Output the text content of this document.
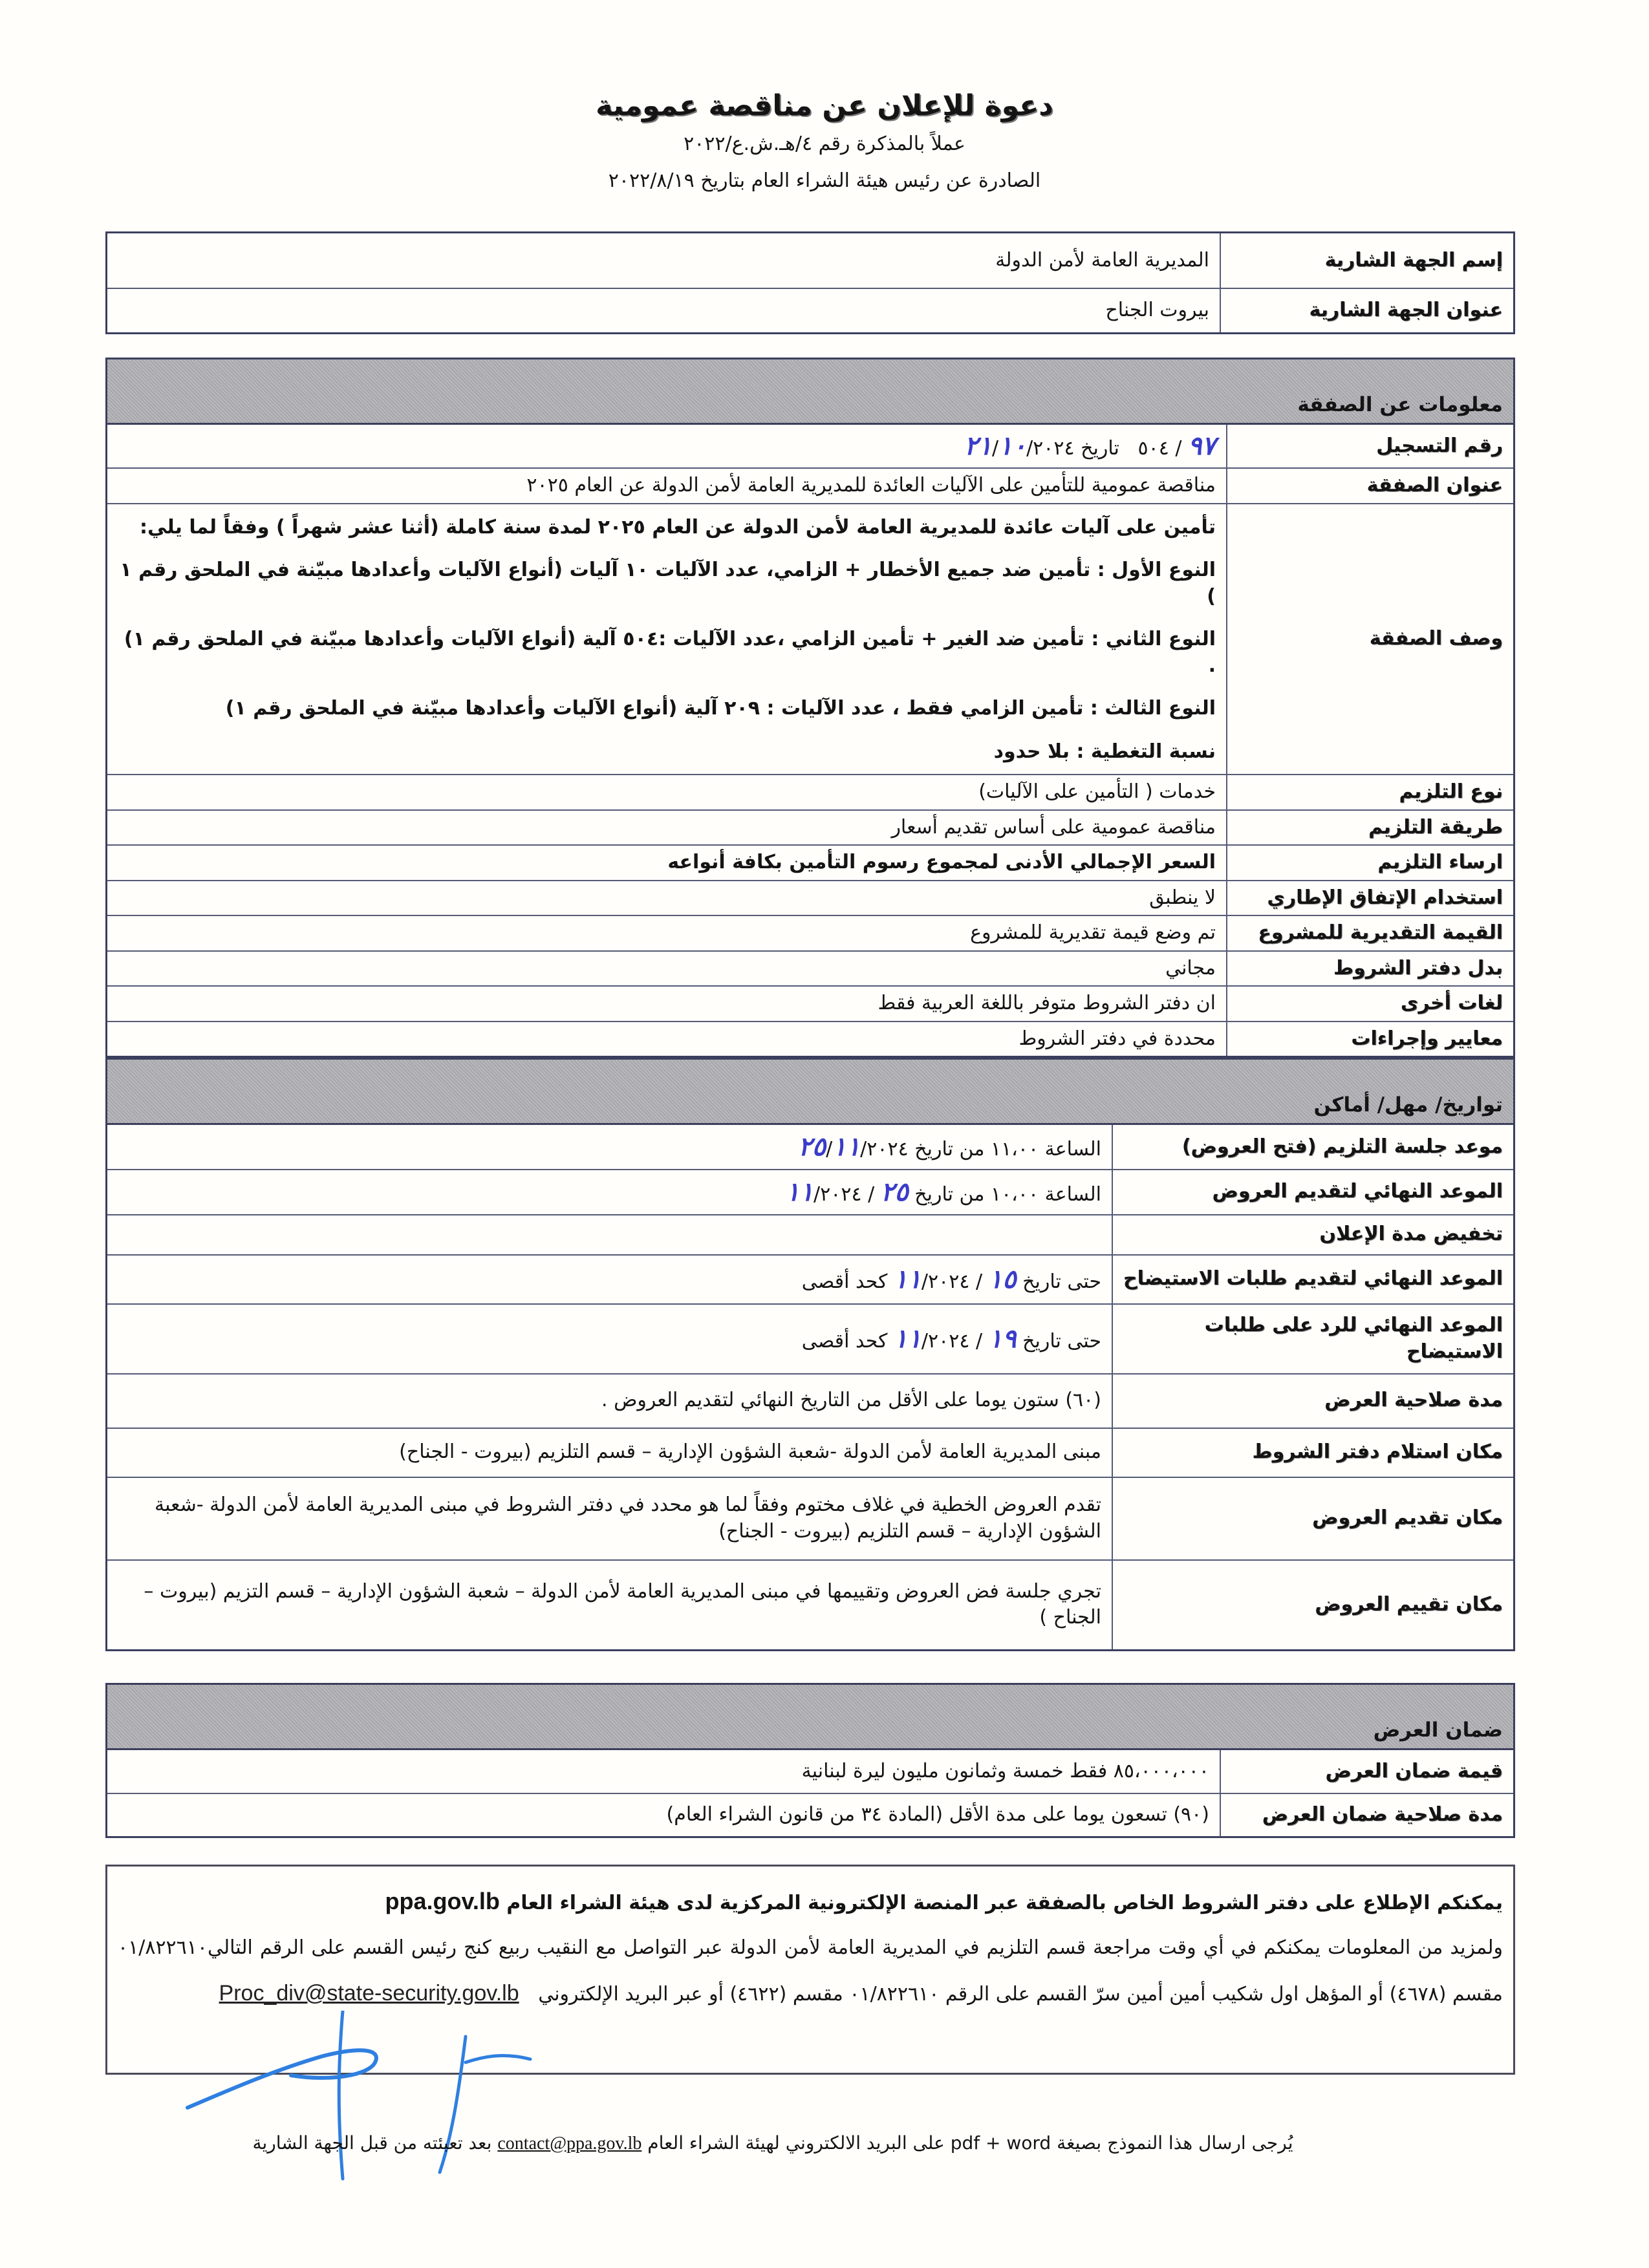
دعوة للإعلان عن مناقصة عمومية
عملاً بالمذكرة رقم ٤/هـ.ش.ع/٢٠٢٢
الصادرة عن رئيس هيئة الشراء العام بتاريخ ٢٠٢٢/٨/١٩
إسم الجهة الشارية	المديرية العامة لأمن الدولة
عنوان الجهة الشارية	بيروت الجناح
معلومات عن الصفقة	
رقم التسجيل	٩٧ / ٥٠٤   تاريخ ٢١/١٠/٢٠٢٤
عنوان الصفقة	مناقصة عمومية للتأمين على الآليات العائدة للمديرية العامة لأمن الدولة عن العام ٢٠٢٥
وصف الصفقة	تأمين على آليات عائدة للمديرية العامة لأمن الدولة عن العام ٢٠٢٥ لمدة سنة كاملة (أثنا عشر شهراً ) وفقاً لما يلي:
النوع الأول : تأمين ضد جميع الأخطار + الزامي، عدد الآليات ١٠ آليات (أنواع الآليات وأعدادها مبيّنة في الملحق رقم ١ )
النوع الثاني : تأمين ضد الغير + تأمين الزامي ،عدد الآليات :٥٠٤ آلية (أنواع الآليات وأعدادها مبيّنة في الملحق رقم ١) .
النوع الثالث : تأمين الزامي فقط ، عدد الآليات : ٢٠٩ آلية (أنواع الآليات وأعدادها مبيّنة في الملحق رقم ١)
نسبة التغطية : بلا حدود

نوع التلزيم	خدمات ( التأمين على الآليات)
طريقة التلزيم	مناقصة عمومية على أساس تقديم أسعار
ارساء التلزيم	السعر الإجمالي الأدنى لمجموع رسوم التأمين بكافة أنواعه
استخدام الإتفاق الإطاري	لا ينطبق
القيمة التقديرية للمشروع	تم وضع قيمة تقديرية للمشروع
بدل دفتر الشروط	مجاني
لغات أخرى	ان دفتر الشروط متوفر باللغة العربية فقط
معايير وإجراءات	محددة في دفتر الشروط
تواريخ/ مهل/ أماكن	
موعد جلسة التلزيم (فتح العروض)	الساعة ١١،٠٠ من تاريخ ٢٥/١١/٢٠٢٤
الموعد النهائي لتقديم العروض	الساعة ١٠،٠٠ من تاريخ ٢٥ / ١١/٢٠٢٤
تخفيض مدة الإعلان	
الموعد النهائي لتقديم طلبات الاستيضاح	حتى تاريخ ١٥ / ١١/٢٠٢٤ كحد أقصى
الموعد النهائي للرد على طلبات الاستيضاح	حتى تاريخ ١٩ / ١١/٢٠٢٤ كحد أقصى
مدة صلاحية العرض	(٦٠) ستون يوما على الأقل من التاريخ النهائي لتقديم العروض .
مكان استلام دفتر الشروط	مبنى المديرية العامة لأمن الدولة -شعبة الشؤون الإدارية – قسم التلزيم (بيروت - الجناح)
مكان تقديم العروض	تقدم العروض الخطية في غلاف مختوم وفقاً لما هو محدد في دفتر الشروط في مبنى المديرية العامة لأمن الدولة -شعبة الشؤون الإدارية – قسم التلزيم (بيروت - الجناح)
مكان تقييم العروض	تجري جلسة فض العروض وتقييمها في مبنى المديرية العامة لأمن الدولة – شعبة الشؤون الإدارية – قسم التزيم (بيروت – الجناح )
ضمان العرض	
قيمة ضمان العرض	٨٥،٠٠٠،٠٠٠ فقط خمسة وثمانون مليون ليرة لبنانية
مدة صلاحية ضمان العرض	(٩٠) تسعون يوما على مدة الأقل (المادة ٣٤ من قانون الشراء العام)
يمكنكم الإطلاع على دفتر الشروط الخاص بالصفقة عبر المنصة الإلكترونية المركزية لدى هيئة الشراء العام ppa.gov.lb
ولمزيد من المعلومات يمكنكم في أي وقت مراجعة قسم التلزيم في المديرية العامة لأمن الدولة عبر التواصل مع النقيب ربيع كنج رئيس القسم على الرقم التالي٠١/٨٢٢٦١٠ مقسم (٤٦٧٨) أو المؤهل اول شكيب أمين أمين سرّ القسم على الرقم ٠١/٨٢٢٦١٠ مقسم (٤٦٢٢) أو عبر البريد الإلكتروني Proc_div@state-security.gov.lb
يُرجى ارسال هذا النموذج بصيغة pdf + word على البريد الالكتروني لهيئة الشراء العام contact@ppa.gov.lb بعد تعبئته من قبل الجهة الشارية
